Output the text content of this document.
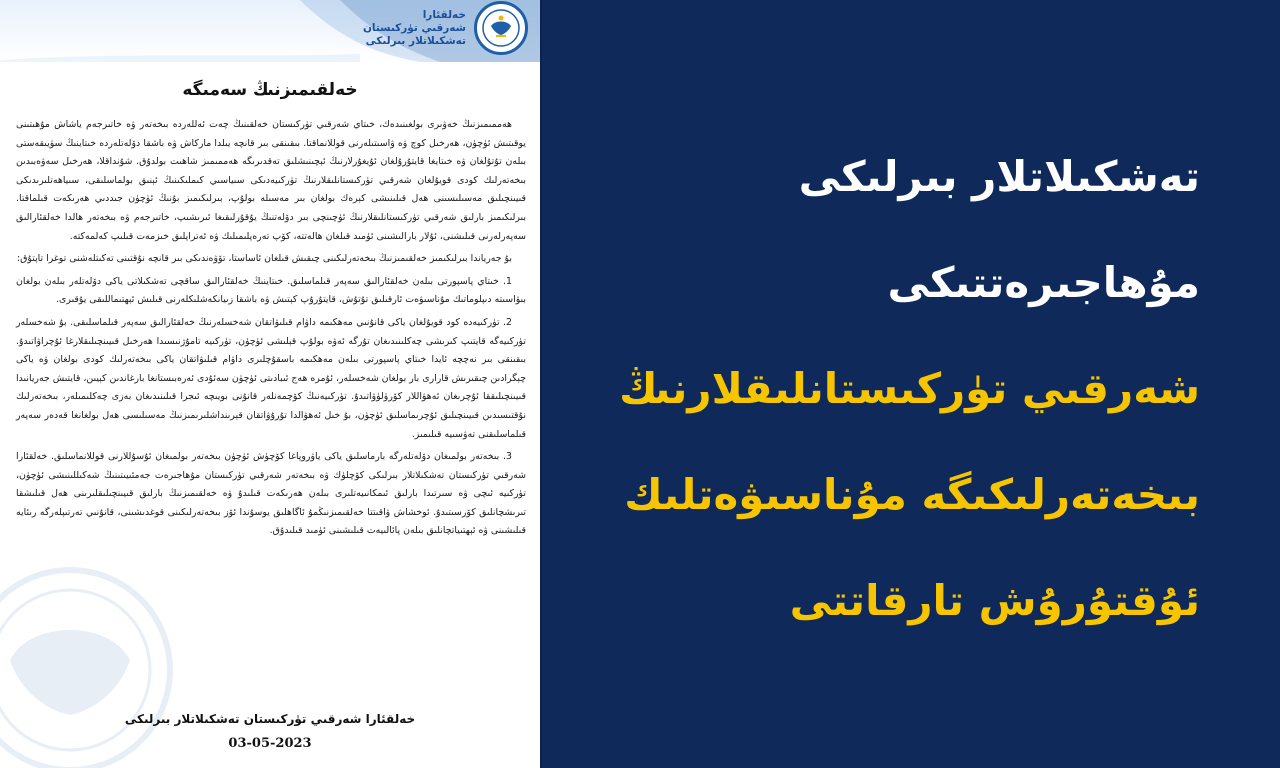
خەلقئارا
شەرقىي تۈركىستان
تەشكىلاتلار بىرلىكى
خەلقىمىزنىڭ سەمىگە

ھەممىمىزنىڭ خەۋىرى بولغىنىدەك، خىتاي شەرقىي تۈركىستان خەلقىنىڭ چەت ئەللەردە بىخەتەر ۋە خاتىرجەم ياشاش مۇھىتىنى يوقىتىش ئۈچۈن، ھەرخىل كوچ ۋە ۋاسىتىلەرنى قوللانماقتا. بىقىنقى بىر قانچە يىلدا ماركاش ۋە باشقا دۆلەتلەردە خىتاينىڭ سۈيىقەستى بىلەن تۇتۇلغان ۋە خىتايغا قايتۇرۇلغان ئۇيغۇرلارنىڭ ئېچىنىشلىق تەقدىرىگە ھەممىمىز شاھىت بولدۇق. شۇنداقلا، ھەرخىل سەۋەبىدىن بىخەتەرلىك كودى قويۇلغان شەرقىي تۈركىستانلىقلارنىڭ تۈركىيەدىكى سىياسىي كىملىكىنىڭ ئېنىق بولماسلىقى، سىياھەتلىرىدىكى قىيىنچىلىق مەسىلىسىنى ھەل قىلىنىشى كېرەك بولغان بىر مەسىلە بولۇپ، بىرلىكىمىز بۇنىڭ ئۈچۈن جىددىي ھەرىكەت قىلماقتا. بىرلىكىمىز بارلىق شەرقىي تۈركىستانلىقلارنىڭ ئۈچىنچى بىر دۆلەتنىڭ يۇقۇرلىقىغا ئىرىشىپ، خاتىرجەم ۋە بىخەتەر ھالدا خەلقئارالىق سەپەرلەرنى قىلىشنى، ئۇلار بارالىشىنى ئۈمىد قىلغان ھالەتتە، كۆپ تەرەپلىمىلىك ۋە ئەتراپلىق خىزمەت قىلىپ كەلمەكتە.

بۇ جەرياندا بىرلىكىمىز خەلقىمىزنىڭ بىخەتەرلىكىنى چىقىش قىلغان ئاساستا، تۆۋەندىكى بىر قانچە نۇقتىنى تەكىتلەشنى توغرا تاپتۇق:

1. خىتاي پاسپورتى بىلەن خەلقئارالىق سەپەر قىلماسلىق. خىتاينىڭ خەلقئارالىق ساقچى تەشكىلاتى ياكى دۆلەتلەر بىلەن بولغان بىۋاسىتە دىپلوماتىك مۇناسىۋەت ئارقىلىق تۇتۇش، قايتۇرۇپ كېتىش ۋە باشقا زىيانكەشلىكلەرنى قىلىش ئېھتىماللىقى يۇقىرى.

2. تۈركىيەدە كود قويۇلغان ياكى قانۇنىي مەھكىمە داۋام قىلىۋاتقان شەخسلەرنىڭ خەلقئارالىق سەپەر قىلماسلىقى. بۇ شەخسلەر تۈركىيەگە قايتىپ كىرىشى چەكلىنىدىغان تۇرگە ئەۋە بولۇپ قېلىشى ئۈچۈن، تۈركىيە تامۇژنىسىدا ھەرخىل قىيىنچىلىقلارغا ئۇچراۋاتىدۇ. بىقىنقى بىر نەچچە ئايدا خىتاي پاسپورتى بىلەن مەھكىمە باسقۇچلىرى داۋام قىلىۋاتقان ياكى بىخەتەرلىك كودى بولغان ۋە ياكى چېگرادىن چىقىرىش قارارى بار بولغان شەخسلەر، ئۇمرە ھەج ئىبادىتى ئۈچۈن سەئۇدى ئەرەبىستانغا بارغاندىن كېيىن، قايتىش جەريانىدا قىيىنچىلىققا ئۇچرىغان ئەھۋاللار كۆرۈلۈۋاتىدۇ. تۈركىيەنىڭ كۆچمەنلەر قانۇنى بويىچە ئىجرا قىلىنىدىغان بەزى چەكلىمىلەر، بىخەتەرلىك نۇقتىسىدىن قىيىنچىلىق ئۇچرىماسلىق ئۈچۈن، بۇ خىل ئەھۋالدا تۇرۇۋاتقان قېرىنداشلىرىمىزنىڭ مەسىلىسى ھەل بولغانغا قەدەر سەپەر قىلماسلىقنى تەۋسىيە قىلىمىز.

3. بىخەتەر بولمىغان دۆلەتلەرگە بارماسلىق ياكى ياۋروپاغا كۆچۈش ئۈچۈن بىخەتەر بولمىغان ئۇسۇللارنى قوللانماسلىق. خەلقئارا شەرقىي تۈركىستان تەشكىلاتلار بىرلىكى كۆچلۈك ۋە بىخەتەر شەرقىي تۈركىستان مۇھاجىرەت جەمئىيىتىنىڭ شەكىللىنىشى ئۈچۈن، تۈركىيە ئىچى ۋە سىرتىدا بارلىق ئىمكانىيەتلىرى بىلەن ھەرىكەت قىلىدۇ ۋە خەلقىمىزنىڭ بارلىق قىيىنچىلىقلىرىنى ھەل قىلىشقا تىرىشچانلىق كۆرسىتىدۇ. ئوخشاش ۋاقىتتا خەلقىمىزنىڭمۇ ئاگاھلىق يوسۇندا ئۆز بىخەتەرلىكىنى قوغدىشىنى، قانۇنىي تەرتىپلەرگە رىئايە قىلىشىنى ۋە ئېھتىياتچانلىق بىلەن پائالىيەت قىلىشىنى ئۈمىد قىلىدۇق.

خەلقئارا شەرقىي تۈركىستان تەشكىلاتلار بىرلىكى
03-05-2023
تەشكىلاتلار بىرلىكى
مۇھاجىرەتتىكى
شەرقىي تۈركىستانلىقلارنىڭ
بىخەتەرلىكىگە مۇناسىۋەتلىك
ئۇقتۇرۇش تارقاتتى
